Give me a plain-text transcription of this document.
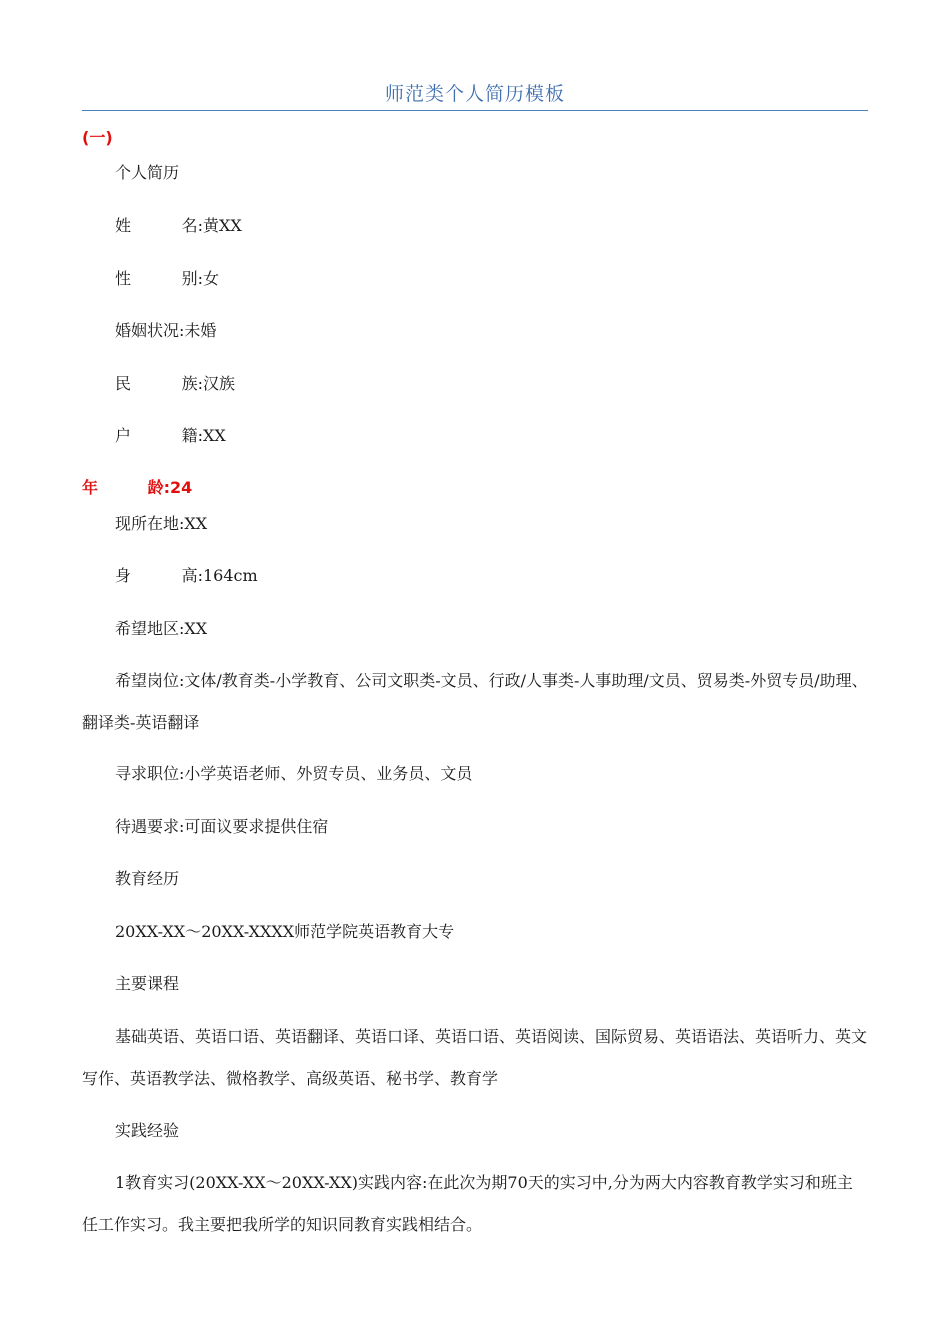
师范类个人简历模板
(一)
个人简历
姓	名: 黄XX
性	别: 女
婚姻状况:未婚
民	族: 汉族
户	籍: XX
年	龄: 24
现所在地:XX
身	高: 164cm
希望地区:XX
希望岗位:文体/教育类-小学教育、公司文职类-文员、行政/人事类-人事助理/文员、贸易类-外贸专员/助理、翻译类-英语翻译
寻求职位:小学英语老师、外贸专员、业务员、文员
待遇要求:可面议要求提供住宿
教育经历
20XX-XX～20XX-XXXX师范学院英语教育大专
主要课程
基础英语、英语口语、英语翻译、英语口译、英语口语、英语阅读、国际贸易、英语语法、英语听力、英文写作、英语教学法、微格教学、高级英语、秘书学、教育学
实践经验
1教育实习(20XX-XX～20XX-XX)实践内容:在此次为期70天的实习中,分为两大内容教育教学实习和班主任工作实习。我主要把我所学的知识同教育实践相结合。
